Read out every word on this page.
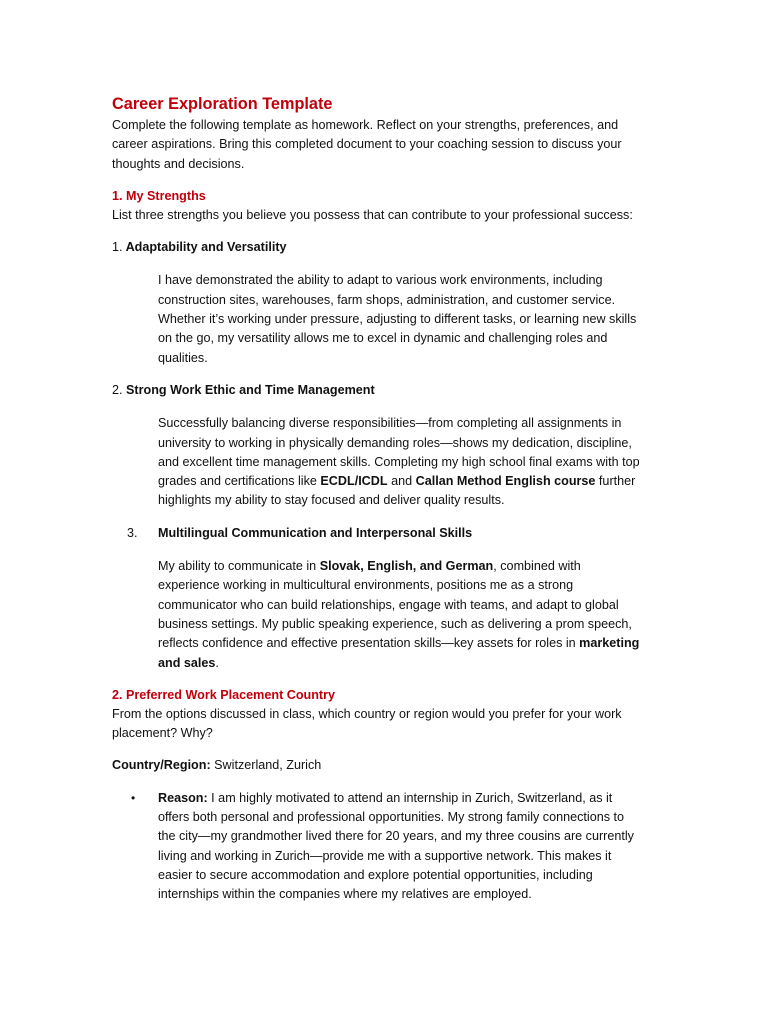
Career Exploration Template

Complete the following template as homework. Reflect on your strengths, preferences, and career aspirations. Bring this completed document to your coaching session to discuss your thoughts and decisions.

1. My Strengths

List three strengths you believe you possess that can contribute to your professional success:

1. Adaptability and Versatility

I have demonstrated the ability to adapt to various work environments, including construction sites, warehouses, farm shops, administration, and customer service. Whether it’s working under pressure, adjusting to different tasks, or learning new skills on the go, my versatility allows me to excel in dynamic and challenging roles and qualities.

2. Strong Work Ethic and Time Management

Successfully balancing diverse responsibilities—from completing all assignments in university to working in physically demanding roles—shows my dedication, discipline, and excellent time management skills. Completing my high school final exams with top grades and certifications like ECDL/ICDL and Callan Method English course further highlights my ability to stay focused and deliver quality results.

3. Multilingual Communication and Interpersonal Skills

My ability to communicate in Slovak, English, and German, combined with experience working in multicultural environments, positions me as a strong communicator who can build relationships, engage with teams, and adapt to global business settings. My public speaking experience, such as delivering a prom speech, reflects confidence and effective presentation skills—key assets for roles in marketing and sales.

2. Preferred Work Placement Country

From the options discussed in class, which country or region would you prefer for your work placement? Why?

Country/Region: Switzerland, Zurich

• Reason: I am highly motivated to attend an internship in Zurich, Switzerland, as it offers both personal and professional opportunities. My strong family connections to the city—my grandmother lived there for 20 years, and my three cousins are currently living and working in Zurich—provide me with a supportive network. This makes it easier to secure accommodation and explore potential opportunities, including internships within the companies where my relatives are employed.
